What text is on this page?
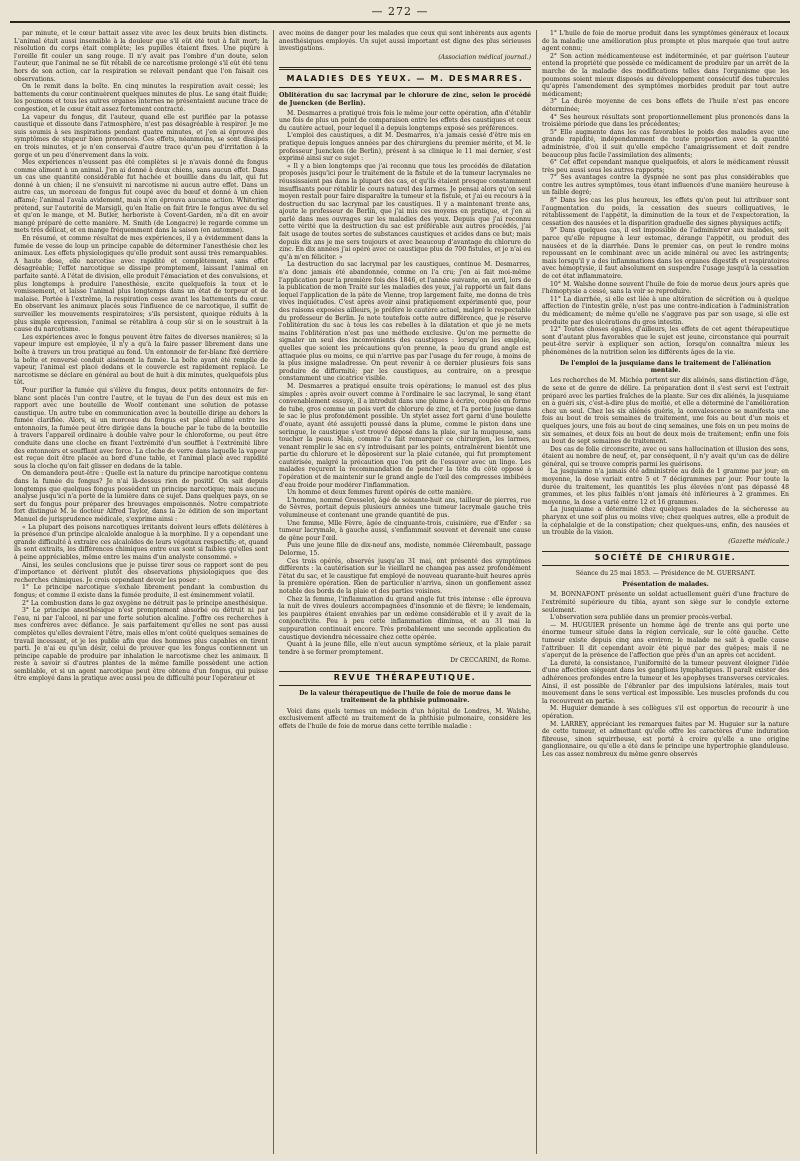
— 272 —

par minute, et le cœur battait assez vite avec les deux bruits bien distincts. L'animal était aussi insensible à la douleur que s'il eût été tout à fait mort; la résolution du corps était complète; les pupilles étaient fixes. Une piqûre à l'oreille fit couler un sang rouge. Il n'y avait pas l'ombre d'un doute, selon l'auteur, que l'animal ne se fût rétabli de ce narcotisme prolongé s'il eût été tenu hors de son action, car la respiration se relevait pendant que l'on faisait ces observations.

On le remit dans la boîte. En cinq minutes la respiration avait cessé; les battements du cœur continuèrent quelques minutes de plus. Le sang était fluide; les poumons et tous les autres organes internes ne présentaient aucune trace de congestion, et le cœur était assez fortement contracté.

La vapeur du fongus, dit l'auteur, quand elle est purifiée par la potasse caustique et dissoute dans l'atmosphère, n'est pas désagréable à respirer. Je me suis soumis à ses inspirations pendant quatre minutes, et j'en ai éprouvé des symptômes de stupeur bien prononcés. Ces effets, néanmoins, se sont dissipés en trois minutes, et je n'en conservai d'autre trace qu'un peu d'irritation à la gorge et un peu d'énervement dans la voix.

Mes expériences n'eussent pas été complètes si je n'avais donné du fongus comme aliment à un animal. J'en ai donné à deux chiens, sans aucun effet. Dans un cas une quantité considérable fut hachée et bouillie dans du lait, qui fut donné à un chien; il ne s'ensuivit ni narcotisme ni aucun autre effet. Dans un autre cas, un morceau de fongus fut coupé avec du bœuf et donné à un chien affamé; l'animal l'avala avidement, mais n'en éprouva aucune action. Whitering prétend, sur l'autorité de Marsigli, qu'en Italie on fait frire le fongus avec du sel et qu'on le mange, et M. Butler, herboriste à Covent-Garden, m'a dit en avoir mangé préparé de cette manière. M. Smith (de Longacre) le regarde comme un mets très délicat, et en mange fréquemment dans la saison (en automne).

En résumé, et comme résultat de mes expériences, il y a évidemment dans la fumée de vesse de loup un principe capable de déterminer l'anesthésie chez les animaux. Les effets physiologiques qu'elle produit sont aussi très remarquables. A haute dose, elle narcotise avec rapidité et complètement, sans effet désagréable; l'effet narcotique se dissipe promptement, laissant l'animal en parfaite santé. A l'état de division, elle produit l'émaciation et des convulsions, et plus longtemps à produire l'anesthésie, excite quelquefois la toux et le vomissement, et laisse l'animal plus longtemps dans un état de torpeur et de malaise. Portée à l'extrême, la respiration cesse avant les battements du cœur. En observant les animaux placés sous l'influence de ce narcotique, il suffit de surveiller les mouvements respiratoires; s'ils persistent, quoique réduits à la plus simple expression, l'animal se rétablira à coup sûr si on le soustrait à la cause du narcotisme.

Les expériences avec le fongus peuvent être faites de diverses manières; si la vapeur impure est employée, il n'y a qu'à la faire passer librement dans une boîte à travers un trou pratiqué au fond. Un entonnoir de fer-blanc fixé derrière la boîte et renversé conduit aisément la fumée. La boîte ayant été remplie de vapeur, l'animal est placé dedans et le couvercle est rapidement replacé. Le narcotisme se déclare en général au bout de huit à dix minutes, quelquefois plus tôt.

Pour purifier la fumée qui s'élève du fongus, deux petits entonnoirs de fer-blanc sont placés l'un contre l'autre, et le tuyau de l'un des deux est mis en rapport avec une bouteille de Woolf contenant une solution de potasse caustique. Un autre tube en communication avec la bouteille dirige au dehors la fumée clarifiée. Alors, si un morceau du fongus est placé allumé entre les entonnoirs, la fumée peut être dirigée dans la bouche par le tube de la bouteille à travers l'appareil ordinaire à double valve pour le chloroforme, ou peut être conduite dans une cloche en fixant l'extrémité d'un soufflet à l'extrémité libre des entonnoirs et soufflant avec force. La cloche de verre dans laquelle la vapeur est reçue doit être placée au bord d'une table, et l'animal placé avec rapidité sous la cloche qu'on fait glisser en dedans de la table.

On demandera peut-être : Quelle est la nature du principe narcotique contenu dans la fumée du fongus? Je n'ai là-dessus rien de positif. On sait depuis longtemps que quelques fongus possèdent un principe narcotique; mais aucune analyse jusqu'ici n'a porté de la lumière dans ce sujet. Dans quelques pays, on se sert du fongus pour préparer des breuvages empoisonnés. Notre compatriote fort distingué M. le docteur Alfred Taylor, dans la 2e édition de son important Manuel de jurisprudence médicale, s'exprime ainsi :

« La plupart des poisons narcotiques irritants doivent leurs effets délétères à la présence d'un principe alcaloïde analogue à la morphine. Il y a cependant une grande difficulté à extraire ces alcaloïdes de leurs végétaux respectifs; et, quand ils sont extraits, les différences chimiques entre eux sont si faibles qu'elles sont à peine appréciables, même entre les mains d'un analyste consommé. »

Ainsi, les seules conclusions que je puisse tirer sous ce rapport sont de peu d'importance et dérivent plutôt des observations physiologiques que des recherches chimiques. Je crois cependant devoir les poser :

1° Le principe narcotique s'exhale librement pendant la combustion du fongus; et comme il existe dans la fumée produite, il est éminemment volatil.

2° La combustion dans le gaz oxygène ne détruit pas le principe anesthésique.

3° Le principe anesthésique n'est promptement absorbé ou détruit ni par l'eau, ni par l'alcool, ni par une forte solution alcaline. J'offre ces recherches à mes confrères avec défiance. Je sais parfaitement qu'elles ne sont pas aussi complètes qu'elles devraient l'être, mais elles m'ont coûté quelques semaines de travail incessant, et je les publie afin que des hommes plus capables en tirent parti. Je n'ai eu qu'un désir, celui de prouver que les fongus contiennent un principe capable de produire par inhalation le narcotisme chez les animaux. Il reste à savoir si d'autres plantes de la même famille possèdent une action semblable, et si un agent narcotique peut être obtenu d'un fongus, qui puisse être employé dans la pratique avec aussi peu de difficulté pour l'opérateur et

avec moins de danger pour les malades que ceux qui sont inhérents aux agents anesthésiques employés. Un sujet aussi important est digne des plus sérieuses investigations.

(Association médical journal.)
MALADIES DES YEUX. — M. DESMARRES.
Oblitération du sac lacrymal par le chlorure de zinc, selon le procédé de Juencken (de Berlin).

M. Desmarres a pratiqué trois fois le même jour cette opération, afin d'établir une fois de plus un point de comparaison entre les effets des caustiques et ceux du cautère actuel, pour lequel il a depuis longtemps exposé ses préférences.

L'emploi des caustiques, a dit M. Desmarres, n'a jamais cessé d'être mis en pratique depuis longues années par des chirurgiens du premier mérite, et M. le professeur Juencken (de Berlin), présent à sa clinique le 11 mai dernier, s'est exprimé ainsi sur ce sujet :

« Il y a bien longtemps que j'ai reconnu que tous les procédés de dilatation proposés jusqu'ici pour le traitement de la fistule et de la tumeur lacrymales ne réussissaient pas dans la plupart des cas, et qu'ils étaient presque constamment insuffisants pour rétablir le cours naturel des larmes. Je pensai alors qu'on seul moyen restait pour faire disparaître la tumeur et la fistule, et j'ai eu recours à la destruction du sac lacrymal par les caustiques. Il y a maintenant trente ans, ajoute le professeur de Berlin, que j'ai mis ces moyens en pratique, et j'en ai parlé dans mes ouvrages sur les maladies des yeux. Depuis que j'ai reconnu cette vérité que la destruction du sac est préférable aux autres procédés, j'ai fait usage de toutes sortes de substances caustiques et acides dans ce but; mais depuis dix ans je me sers toujours et avec beaucoup d'avantage du chlorure de zinc. En dix années j'ai opéré avec ce caustique plus de 700 fistules, et je n'ai eu qu'à m'en féliciter. »

La destruction du sac lacrymal par les caustiques, continue M. Desmarres, n'a donc jamais été abandonnée, comme on l'a cru; j'en ai fait moi-même l'application pour la première fois dès 1846, et l'année suivante, en avril, lors de la publication de mon Traité sur les maladies des yeux, j'ai rapporté un fait dans lequel l'application de la pâte de Vienne, trop largement faite, me donna de très vives inquiétudes. C'est après avoir ainsi pratiquement expérimenté que, pour des raisons exposées ailleurs, je préfère le cautère actuel, malgré le respectable du professeur de Berlin. Je note toutefois cette autre différence, que je réserve l'oblitération du sac à tous les cas rebelles à la dilatation et que je ne mets mains l'oblitération n'est pas une méthode exclusive. Qu'on me permette de signaler un seul des inconvénients des caustiques : lorsqu'on les emploie, quelles que soient les précautions qu'on prenne, la peau du grand angle est attaquée plus ou moins, ce qui n'arrive pas par l'usage du fer rouge, à moins de la plus insigne maladresse. On peut revenir à ce dernier plusieurs fois sans produire de difformité; par les caustiques, au contraire, on a presque constamment une cicatrice visible.

M. Desmarres a pratiqué ensuite trois opérations; le manuel est des plus simples : après avoir ouvert comme à l'ordinaire le sac lacrymal, le sang étant convenablement essuyé, il a introduit dans une plume à écrire, coupée en forme de tube, gros comme un pois vert de chlorure de zinc, et l'a portée jusque dans le sac le plus profondément possible. Un stylet assez fort garni d'une boulette d'ouate, ayant été assujetti poussé dans la plume, comme le piston dans une seringue, le caustique s'est trouvé déposé dans la plaie, sur la muqueuse, sans toucher la peau. Mais, comme l'a fait remarquer ce chirurgien, les larmes, venant remplir le sac en s'y introduisant par les points, entraînèrent bientôt une partie du chlorure et le déposèrent sur la plaie cutanée, qui fut promptement cautérisée, malgré la précaution que l'on prit de l'essuyer avec un linge. Les malades reçurent la recommandation de pencher la tête du côté opposé à l'opération et de maintenir sur le grand angle de l'œil des compresses imbibées d'eau froide pour modérer l'inflammation.

Un homme et deux femmes furent opérés de cette manière.

L'homme, nommé Gresselot, âgé de soixante-huit ans, tailleur de pierres, rue de Sèvres, portait depuis plusieurs années une tumeur lacrymale gauche très volumineuse et contenant une grande quantité de pus.

Une femme, Mlle Fèvre, âgée de cinquante-trois, cuisinière, rue d'Enfer : sa tumeur lacrymale, à gauche aussi, s'enflammait souvent et devenait une cause de gêne pour l'œil.

Puis une jeune fille de dix-neuf ans, modiste, nommée Clérembault, passage Delorme, 15.

Ces trois opérés, observés jusqu'au 31 mai, ont présenté des symptômes différents : la cautérisation sur le vieillard ne changea pas assez profondément l'état du sac, et le caustique fut employé de nouveau quarante-huit heures après la première opération. Rien de particulier n'arriva, sinon un gonflement assez notable des bords de la plaie et des parties voisines.

Chez la femme, l'inflammation du grand angle fut très intense : elle éprouva la nuit de vives douleurs accompagnées d'insomnie et de fièvre; le lendemain, les paupières étaient envahies par un œdème considérable et il y avait de la conjonctivite. Peu à peu cette inflammation diminua, et au 31 mai la suppuration continuait encore. Très probablement une seconde application du caustique deviendra nécessaire chez cette opérée.

Quant à la jeune fille, elle n'eut aucun symptôme sérieux, et la plaie parait tendre à se fermer promptement.

Dr CECCARINI, de Rome.
REVUE THÉRAPEUTIQUE.
De la valeur thérapeutique de l'huile de foie de morue dans le traitement de la phthisie pulmonaire.

Voici dans quels termes un médecin d'un hôpital de Londres, M. Walshe, exclusivement affecté au traitement de la phthisie pulmonaire, considère les effets de l'huile de foie de morue dans cette terrible maladie :

1° L'huile de foie de morue produit dans les symptômes généraux et locaux de la maladie une amélioration plus prompte et plus marquée que tout autre agent connu;

2° Son action médicamenteuse est indéterminée, et par guérison l'auteur entend la propriété que possède ce médicament de produire par un arrêt de la marche de la maladie des modifications telles dans l'organisme que les poumons soient mieux disposés au développement consécutif des tubercules qu'après l'amendement des symptômes morbides produit par tout autre médicament;

3° La durée moyenne de ces bons effets de l'huile n'est pas encore déterminée;

4° Ses heureux résultats sont proportionnellement plus prononcés dans la troisième période que dans les précédentes;

5° Elle augmente dans les cas favorables le poids des malades avec une grande rapidité, indépendamment de toute proportion avec la quantité administrée, d'où il suit qu'elle empêche l'amaigrissement et doit rendre beaucoup plus facile l'assimilation des aliments;

6° Cet effet cependant manque quelquefois, et alors le médicament réussit très peu aussi sous les autres rapports;

7° Ses avantages contre la dyspnée ne sont pas plus considérables que contre les autres symptômes, tous étant influencés d'une manière heureuse à un faible degré;

8° Dans les cas les plus heureux, les effets qu'on peut lui attribuer sont l'augmentation du poids, la cessation des sueurs colliquatives, le rétablissement de l'appétit, la diminution de la toux et de l'expectoration, la cessation des nausées et la disparition graduelle des signes physiques actifs;

9° Dans quelques cas, il est impossible de l'administrer aux malades, soit parce qu'elle répugne à leur estomac, dérange l'appétit, ou produit des nausées et de la diarrhée. Dans le premier cas, on peut le rendre moins repoussant en le combinant avec un acide minéral ou avec les astringents; mais lorsqu'il y a des inflammations dans les organes digestifs et respiratoires avec hémoptysie, il faut absolument en suspendre l'usage jusqu'à la cessation de cet état inflammatoire.

10° M. Walshe donne souvent l'huile de foie de morue deux jours après que l'hémoptysie a cessé, sans la voir se reproduire.

11° La diarrhée, si elle est liée à une altération de sécrétion ou à quelque affection de l'intestin grêle, n'est pas une contre-indication à l'administration du médicament; de même qu'elle ne s'aggrave pas par son usage, si elle est produite par des ulcérations du gros intestin.

12° Toutes choses égales, d'ailleurs, les effets de cet agent thérapeutique sont d'autant plus favorables que le sujet est jeune, circonstance qui pourrait peut-être servir à expliquer son action, lorsqu'on connaîtra mieux les phénomènes de la nutrition selon les différents âges de la vie.

De l'emploi de la jusquiame dans le traitement de l'aliénation mentale.

Les recherches de M. Michéa portent sur dix aliénés, sans distinction d'âge, de sexe et de genre de délire. La préparation dont il s'est servi est l'extrait préparé avec les parties fraîches de la plante. Sur ces dix aliénés, la jusquiame en a guéri six, c'est-à-dire plus de moitié, et elle a déterminé de l'amélioration chez un seul. Chez les six aliénés guéris, la convalescence se manifesta une fois au bout de trois semaines de traitement, une fois au bout d'un mois et quelques jours, une fois au bout de cinq semaines, une fois en un peu moins de six semaines, et deux fois au bout de deux mois de traitement; enfin une fois au bout de sept semaines de traitement.

Des cas de folie circonscrite, avec ou sans hallucination et illusion des sens, étaient au nombre de neuf, et, par conséquent, il n'y avait qu'un cas de délire général, qui se trouve compris parmi les guérisons.

La jusquiame n'a jamais été administrée au delà de 1 gramme par jour; en moyenne, la dose variait entre 5 et 7 décigrammes par jour. Pour toute la durée du traitement, les quantités les plus élevées n'ont pas dépassé 48 grammes, et les plus faibles n'ont jamais été inférieures à 2 grammes. En moyenne, la dose a varié entre 12 et 16 grammes.

La jusquiame a déterminé chez quelques malades de la sécheresse au pharynx et une soif plus ou moins vive; chez quelques autres, elle a produit de la céphalalgie et de la constipation; chez quelques-uns, enfin, des nausées et un trouble de la vision.

(Gazette médicale.)
SOCIÉTÉ DE CHIRURGIE.
Séance du 25 mai 1853. — Présidence de M. GUERSANT.
Présentation de malades.

M. BONNAFONT présente un soldat actuellement guéri d'une fracture de l'extrémité supérieure du tibia, ayant son siège sur le condyle externe seulement.

L'observation sera publiée dans un premier procès-verbal.

— M. HUGUIER présente un homme âgé de trente ans qui porte une énorme tumeur située dans la région cervicale, sur le côté gauche. Cette tumeur existe depuis cinq ans environ; le malade ne sait à quelle cause l'attribuer. Il dit cependant avoir été piqué par des guêpes; mais il ne s'aperçut de la présence de l'affection que près d'un an après cet accident.

La dureté, la consistance, l'uniformité de la tumeur peuvent éloigner l'idée d'une affection siégeant dans les ganglions lymphatiques. Il paraît exister des adhérences profondes entre la tumeur et les apophyses transverses cervicales. Ainsi, il est possible de l'ébranler par des impulsions latérales, mais tout mouvement dans le sens vertical est impossible. Les muscles profonds du cou la recouvrent en partie.

M. Huguier demande à ses collègues s'il est opportun de recourir à une opération.

M. LARREY, appréciant les remarques faites par M. Huguier sur la nature de cette tumeur, et admettant qu'elle offre les caractères d'une induration fibreuse, sinon squirrheuse, est porté à croire qu'elle a une origine ganglionnaire, ou qu'elle a été dans le principe une hypertrophie glanduleuse. Les cas assez nombreux du même genre observés
